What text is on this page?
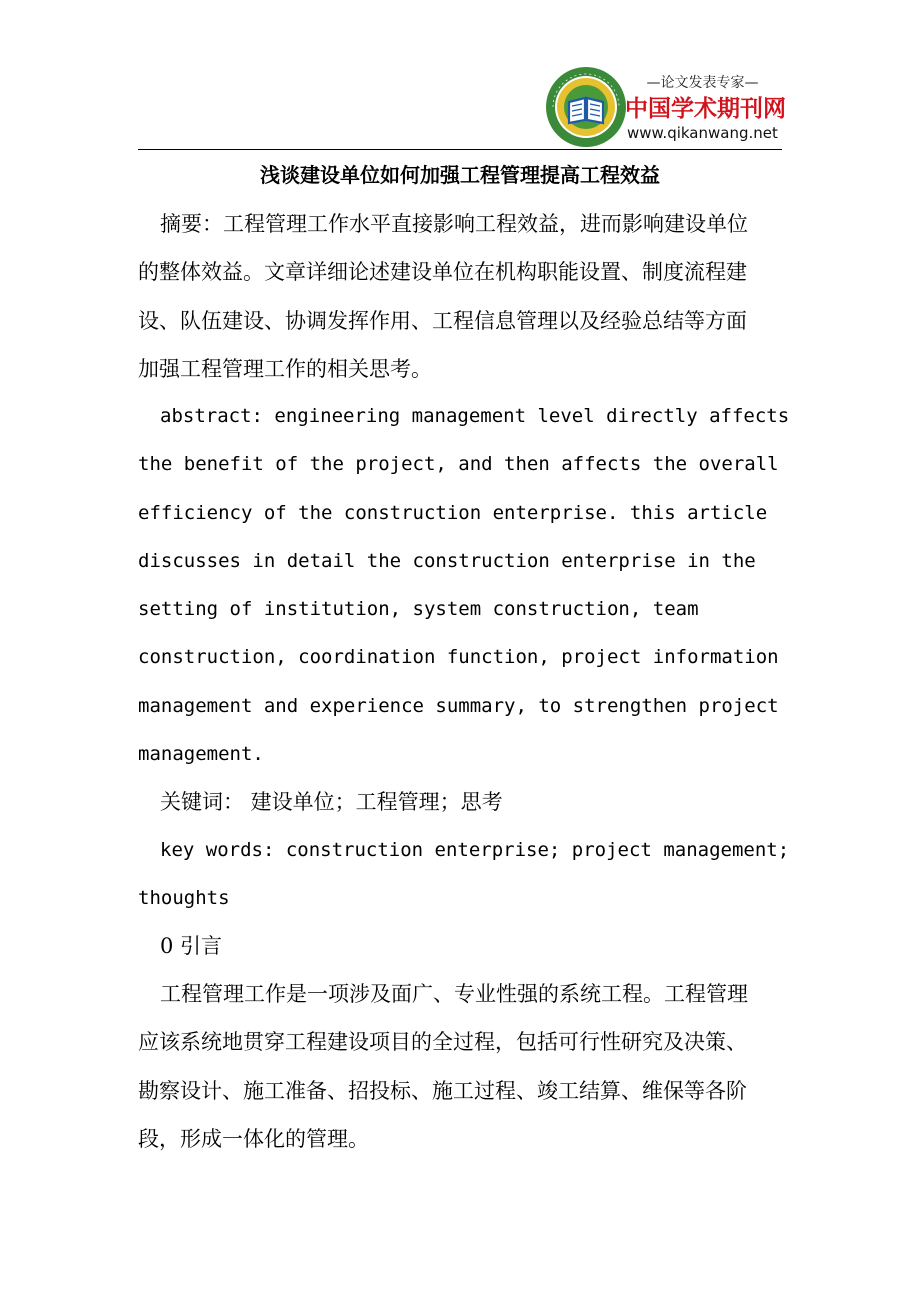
—论文发表专家—
中国学术期刊网
www.qikanwang.net
浅谈建设单位如何加强工程管理提高工程效益
摘要：工程管理工作水平直接影响工程效益，进而影响建设单位
的整体效益。文章详细论述建设单位在机构职能设置、制度流程建
设、队伍建设、协调发挥作用、工程信息管理以及经验总结等方面
加强工程管理工作的相关思考。
abstract: engineering management level directly affects
the benefit of the project, and then affects the overall
efficiency of the construction enterprise. this article
discusses in detail the construction enterprise in the
setting of institution, system construction, team
construction, coordination function, project information
management and experience summary, to strengthen project
management.
关键词： 建设单位；工程管理；思考
key words: construction enterprise; project management;
thoughts
0 引言
工程管理工作是一项涉及面广、专业性强的系统工程。工程管理
应该系统地贯穿工程建设项目的全过程，包括可行性研究及决策、
勘察设计、施工准备、招投标、施工过程、竣工结算、维保等各阶
段，形成一体化的管理。
